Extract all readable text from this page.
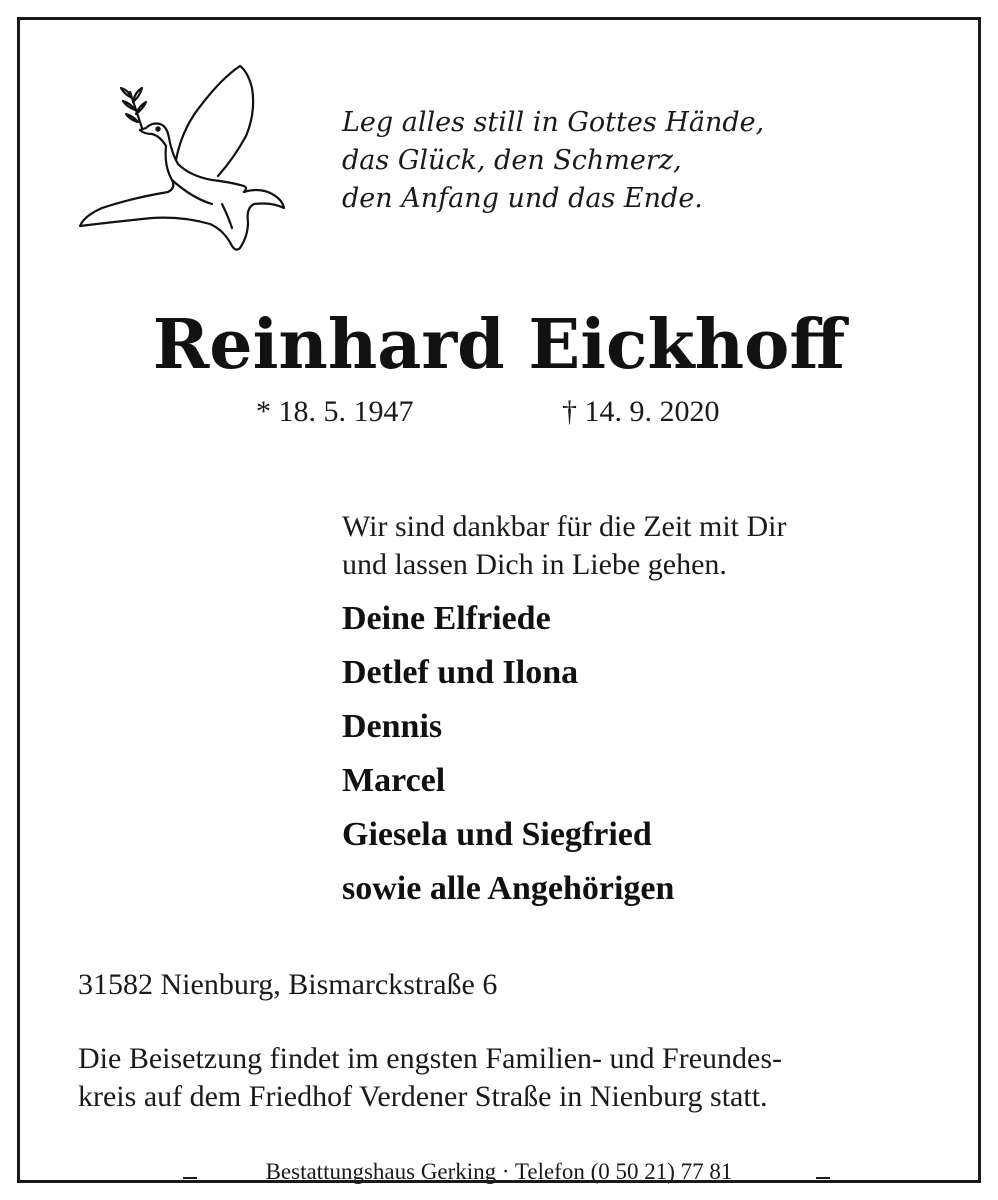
Leg alles still in Gottes Hände,
das Glück, den Schmerz,
den Anfang und das Ende.
Reinhard Eickhoff
* 18. 5. 1947	† 14. 9. 2020
Wir sind dankbar für die Zeit mit Dir
und lassen Dich in Liebe gehen.
Deine Elfriede
Detlef und Ilona
Dennis
Marcel
Giesela und Siegfried
sowie alle Angehörigen
31582 Nienburg, Bismarckstraße 6
Die Beisetzung findet im engsten Familien- und Freundes-
kreis auf dem Friedhof Verdener Straße in Nienburg statt.
Bestattungshaus Gerking · Telefon (0 50 21) 77 81
